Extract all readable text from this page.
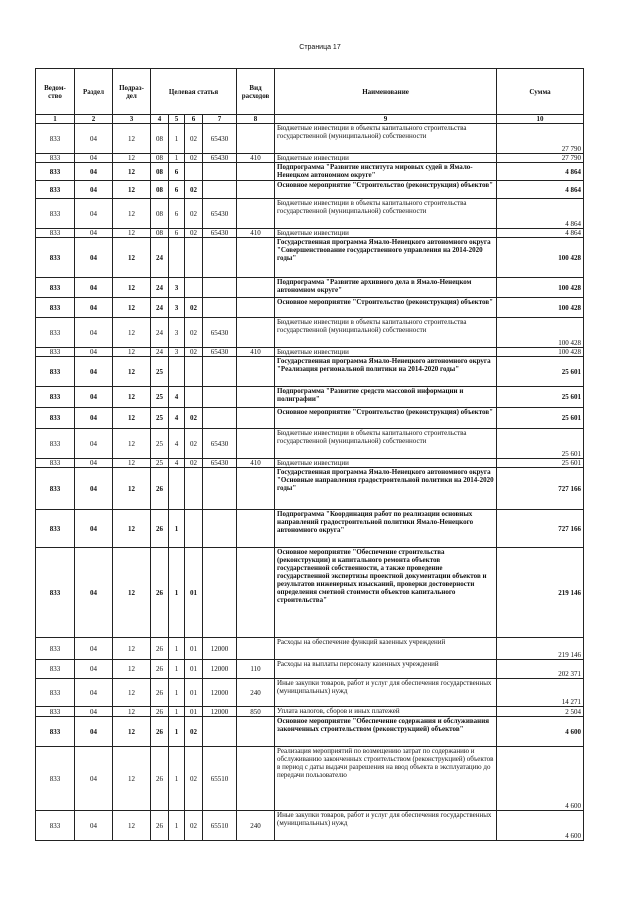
Страница 17
Ведом-ство	Раздел	Подраз-дел	Целевая статья				Вид расходов	Наименование	Сумма
1	2	3	4	5	6	7	8	9	10
833	04	12	08	1	02	65430		Бюджетные инвестиции в объекты капитального строительства государственной (муниципальной) собственности	27 790
833	04	12	08	1	02	65430	410	Бюджетные инвестиции	27 790
833	04	12	08	6				Подпрограмма "Развитие института мировых судей в Ямало-Ненецком автономном округе"	4 864
833	04	12	08	6	02			Основное мероприятие "Строительство (реконструкция) объектов"	4 864
833	04	12	08	6	02	65430		Бюджетные инвестиции в объекты капитального строительства государственной (муниципальной) собственности	4 864
833	04	12	08	6	02	65430	410	Бюджетные инвестиции	4 864
833	04	12	24					Государственная программа Ямало-Ненецкого автономного округа "Совершенствование государственного управления на 2014-2020 годы"	100 428
833	04	12	24	3				Подпрограмма "Развитие архивного дела в Ямало-Ненецком автономном округе"	100 428
833	04	12	24	3	02			Основное мероприятие "Строительство (реконструкция) объектов"	100 428
833	04	12	24	3	02	65430		Бюджетные инвестиции в объекты капитального строительства государственной (муниципальной) собственности	100 428
833	04	12	24	3	02	65430	410	Бюджетные инвестиции	100 428
833	04	12	25					Государственная программа Ямало-Ненецкого автономного округа "Реализация региональной политики на 2014-2020 годы"	25 601
833	04	12	25	4				Подпрограмма "Развитие средств массовой информации и полиграфии"	25 601
833	04	12	25	4	02			Основное мероприятие "Строительство (реконструкция) объектов"	25 601
833	04	12	25	4	02	65430		Бюджетные инвестиции в объекты капитального строительства государственной (муниципальной) собственности	25 601
833	04	12	25	4	02	65430	410	Бюджетные инвестиции	25 601
833	04	12	26					Государственная программа Ямало-Ненецкого автономного округа "Основные направления градостроительной политики на 2014-2020 годы"	727 166
833	04	12	26	1				Подпрограмма "Координация работ по реализации основных направлений градостроительной политики Ямало-Ненецкого автономного округа"	727 166
833	04	12	26	1	01			Основное мероприятие "Обеспечение строительства (реконструкции) и капитального ремонта объектов государственной собственности, а также проведение государственной экспертизы проектной документации объектов и результатов инженерных изысканий, проверки достоверности определения сметной стоимости объектов капитального строительства"	219 146
833	04	12	26	1	01	12000		Расходы на обеспечение функций казенных учреждений	219 146
833	04	12	26	1	01	12000	110	Расходы на выплаты персоналу казенных учреждений	202 371
833	04	12	26	1	01	12000	240	Иные закупки товаров, работ и услуг для обеспечения государственных (муниципальных) нужд	14 271
833	04	12	26	1	01	12000	850	Уплата налогов, сборов и иных платежей	2 504
833	04	12	26	1	02			Основное мероприятие "Обеспечение содержания и обслуживания законченных строительством (реконструкцией) объектов"	4 600
833	04	12	26	1	02	65510		Реализация мероприятий по возмещению затрат по содержанию и обслуживанию законченных строительством (реконструкцией) объектов в период с даты выдачи разрешения на ввод объекта в эксплуатацию до передачи пользователю	4 600
833	04	12	26	1	02	65510	240	Иные закупки товаров, работ и услуг для обеспечения государственных (муниципальных) нужд	4 600
